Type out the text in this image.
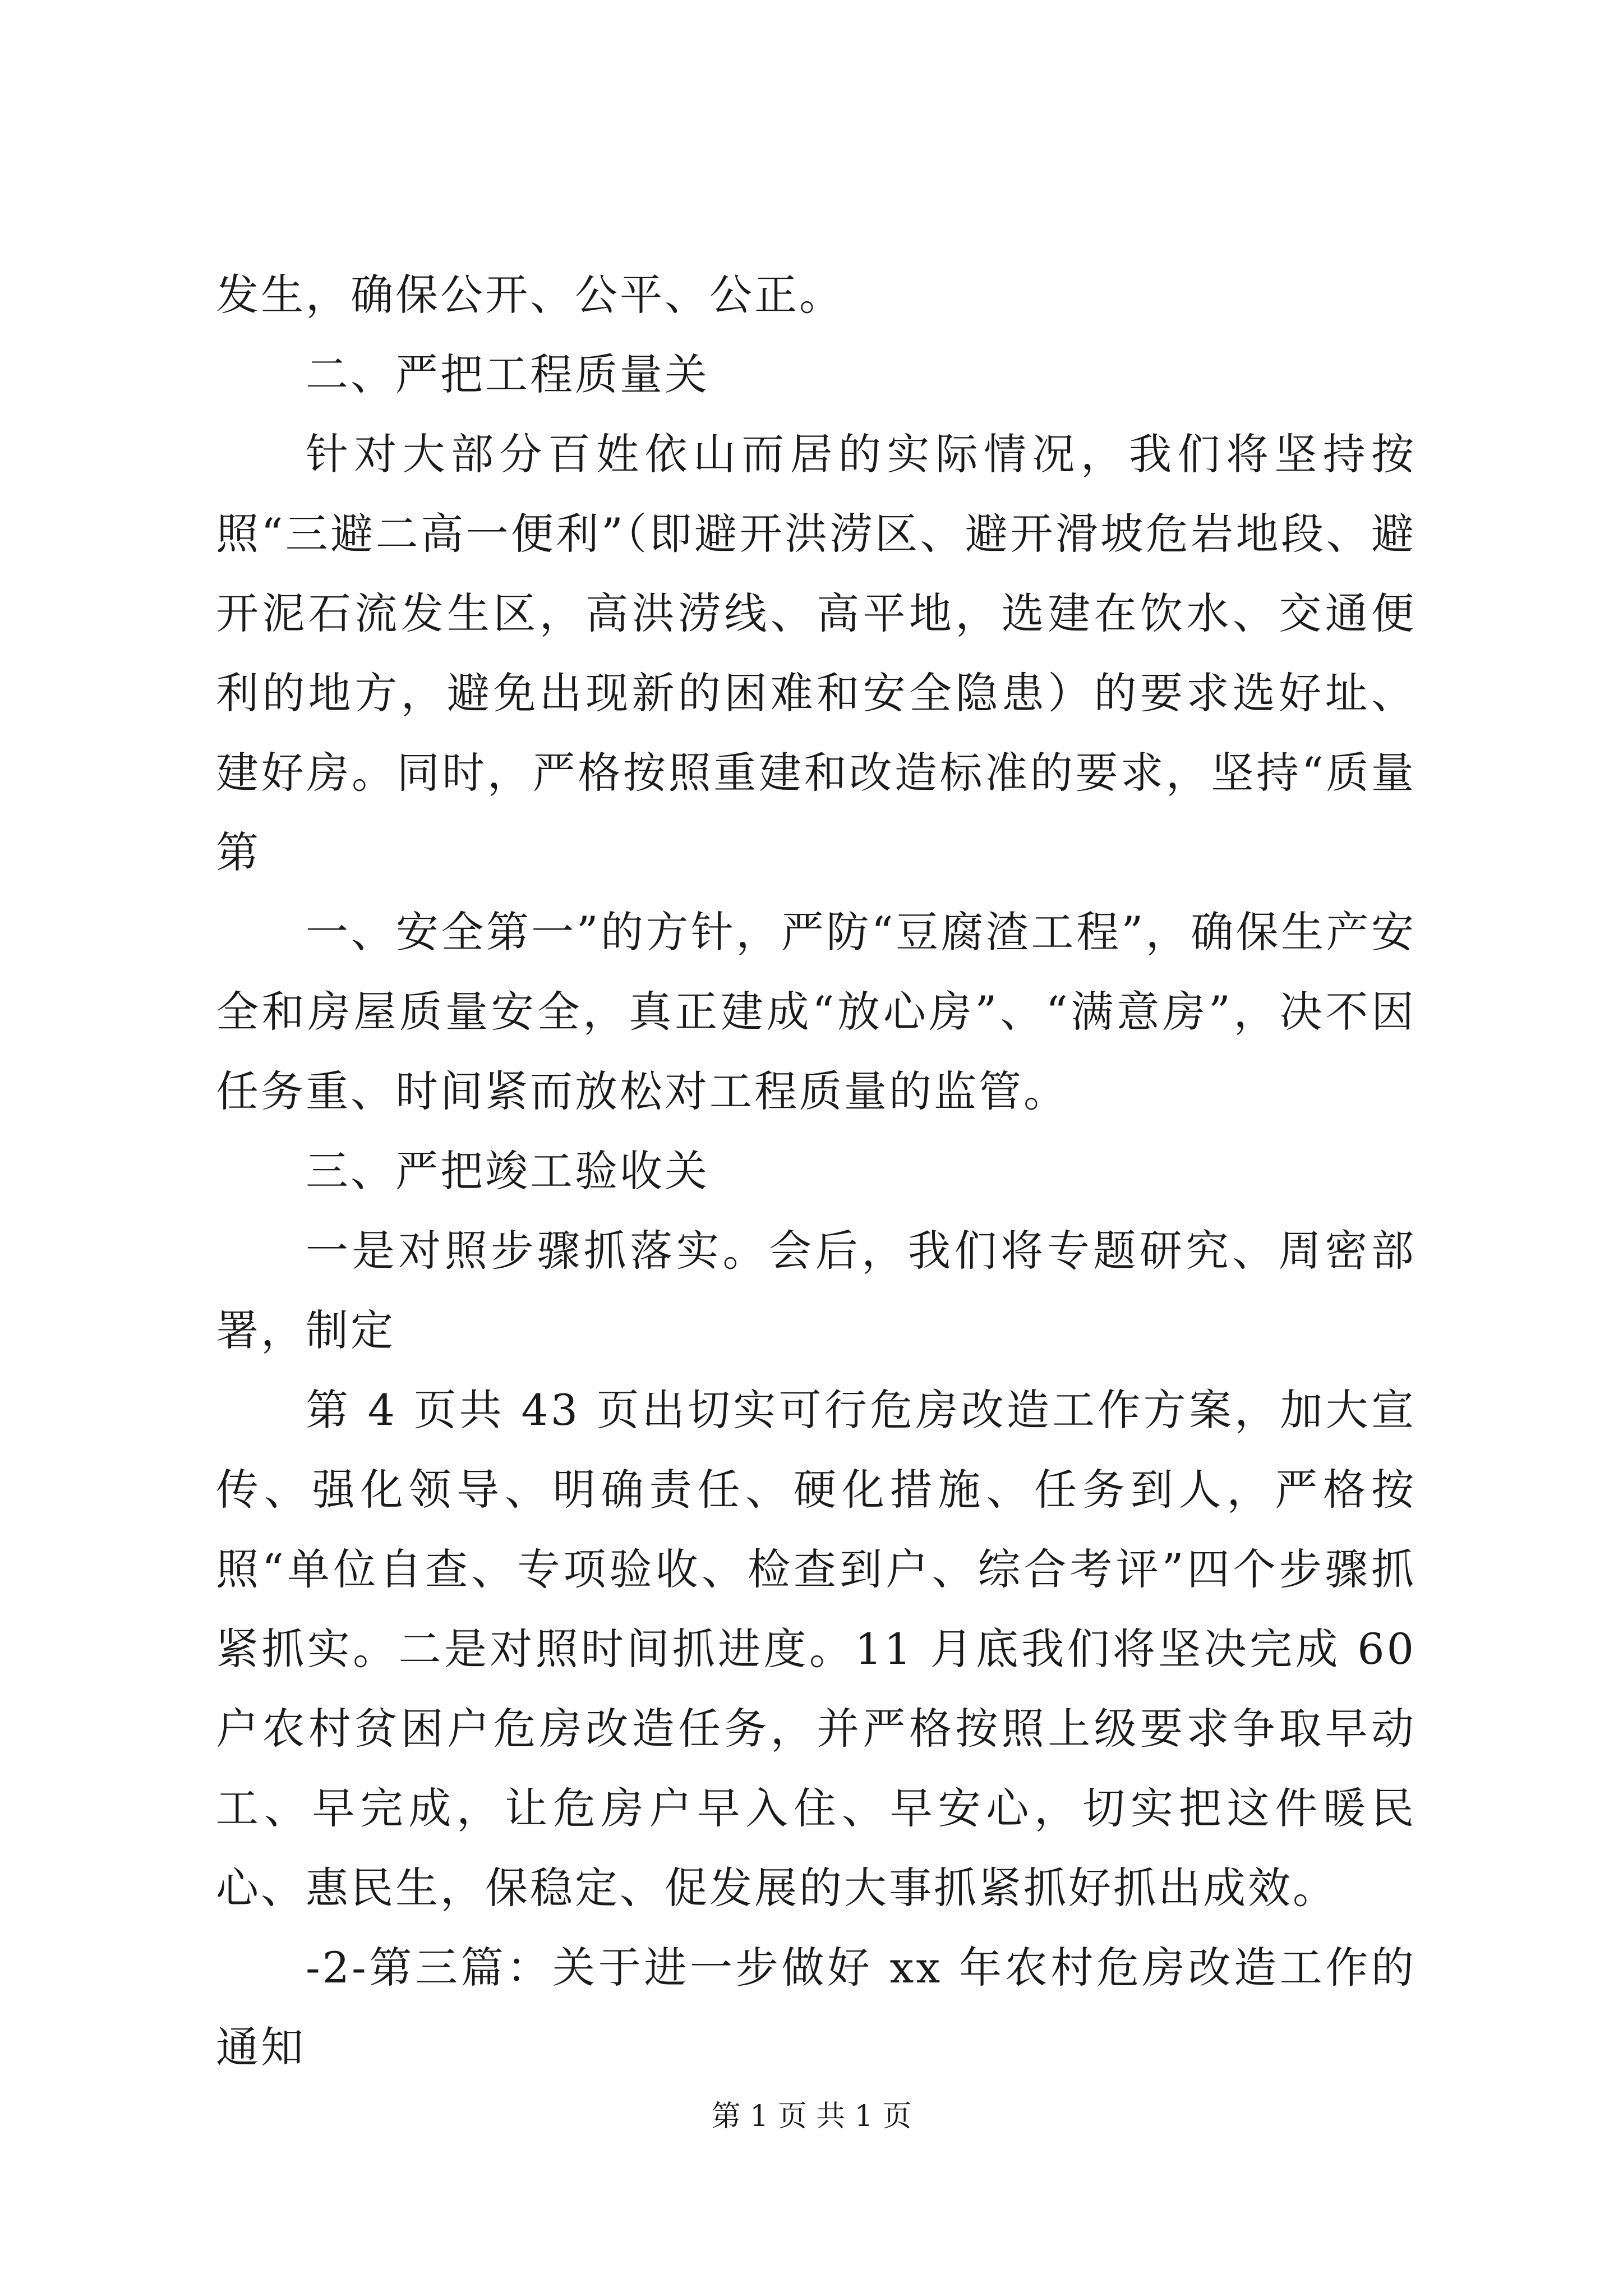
发生，确保公开、公平、公正。

二、严把工程质量关

针对大部分百姓依山而居的实际情况，我们将坚持按照“三避二高一便利”（即避开洪涝区、避开滑坡危岩地段、避开泥石流发生区，高洪涝线、高平地，选建在饮水、交通便利的地方，避免出现新的困难和安全隐患）的要求选好址、建好房。同时，严格按照重建和改造标准的要求，坚持“质量第

一、安全第一”的方针，严防“豆腐渣工程”，确保生产安全和房屋质量安全，真正建成“放心房”、“满意房”，决不因任务重、时间紧而放松对工程质量的监管。

三、严把竣工验收关

一是对照步骤抓落实。会后，我们将专题研究、周密部署，制定

第 4 页共 43 页出切实可行危房改造工作方案，加大宣传、强化领导、明确责任、硬化措施、任务到人，严格按照“单位自查、专项验收、检查到户、综合考评”四个步骤抓紧抓实。二是对照时间抓进度。11 月底我们将坚决完成 60 户农村贫困户危房改造任务，并严格按照上级要求争取早动工、早完成，让危房户早入住、早安心，切实把这件暖民心、惠民生，保稳定、促发展的大事抓紧抓好抓出成效。

-2-第三篇：关于进一步做好 xx 年农村危房改造工作的通知

第 1 页 共 1 页
